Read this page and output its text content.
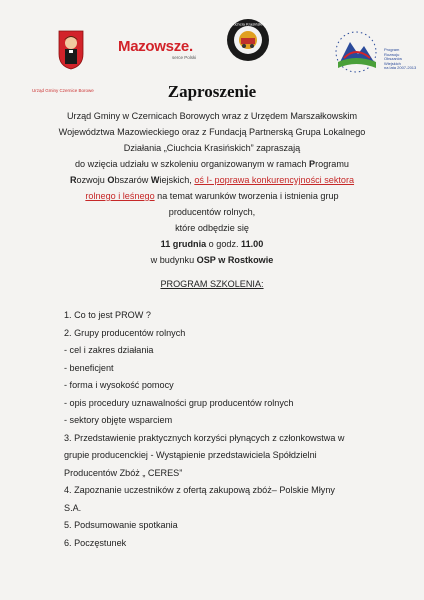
Urząd Gminy Czernice Borowe
Mazowsze.
serce Polski
Ciuchcia Krasińskich
Program
Rozwoju
Obszarów
Wiejskich
na lata 2007-2013
Zaproszenie
Urząd Gminy w Czernicach Borowych wraz z Urzędem Marszałkowskim
Województwa Mazowieckiego oraz z Fundacją Partnerską Grupa Lokalnego
Działania „Ciuchcia Krasińskich” zapraszają
do wzięcia udziału w szkoleniu organizowanym w ramach Programu
Rozwoju Obszarów Wiejskich, oś I- poprawa konkurencyjności sektora
rolnego i leśnego na temat warunków tworzenia i istnienia grup
producentów rolnych,
które odbędzie się
11 grudnia o godz. 11.00
w budynku OSP w Rostkowie
PROGRAM SZKOLENIA:
1. Co to jest PROW ?
2. Grupy producentów rolnych
- cel i zakres działania
- beneficjent
- forma i wysokość pomocy
- opis procedury uznawalności grup producentów rolnych
- sektory objęte wsparciem
3. Przedstawienie praktycznych korzyści płynących z członkowstwa w
grupie producenckiej - Wystąpienie przedstawiciela Spółdzielni
Producentów Zbóż „ CERES”
4. Zapoznanie uczestników z ofertą zakupową zbóż– Polskie Młyny
S.A.
5. Podsumowanie spotkania
6. Poczęstunek
